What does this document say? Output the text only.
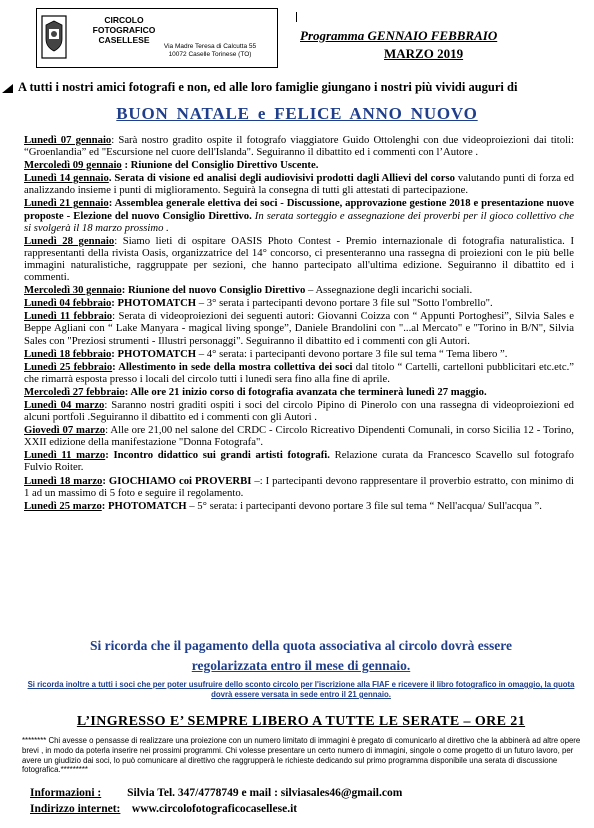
CIRCOLO
FOTOGRAFICO
CASELLESE
Via Madre Teresa di Calcutta 55
10072 Caselle Torinese (TO)
Programma GENNAIO FEBBRAIO
MARZO 2019
A tutti i nostri amici fotografi e non, ed alle loro famiglie giungano i nostri più vividi auguri di
BUON NATALE e FELICE ANNO NUOVO
Lunedì 07 gennaio: Sarà nostro gradito ospite il fotografo viaggiatore Guido Ottolenghi con due videoproiezioni dai titoli: “Groenlandia” ed "Escursione nel cuore dell'Islanda". Seguiranno il dibattito ed i commenti con l’Autore .
Mercoledì 09 gennaio : Riunione del Consiglio Direttivo Uscente.
Lunedì 14 gennaio. Serata di visione ed analisi degli audiovisivi prodotti dagli Allievi del corso valutando punti di forza ed analizzando insieme i punti di miglioramento. Seguirà la consegna di tutti gli attestati di partecipazione.
Lunedì 21 gennaio: Assemblea generale elettiva dei soci - Discussione, approvazione gestione 2018 e presentazione nuove proposte - Elezione del nuovo Consiglio Direttivo. In serata sorteggio e assegnazione dei proverbi per il gioco collettivo che si svolgerà il 18 marzo prossimo .
Lunedì 28 gennaio: Siamo lieti di ospitare OASIS Photo Contest - Premio internazionale di fotografia naturalistica. I rappresentanti della rivista Oasis, organizzatrice del 14° concorso, ci presenteranno una rassegna di proiezioni con le più belle immagini naturalistiche, raggruppate per sezioni, che hanno partecipato all'ultima edizione. Seguiranno il dibattito ed i commenti.
Mercoledì 30 gennaio: Riunione del nuovo Consiglio Direttivo – Assegnazione degli incarichi sociali.
Lunedì 04 febbraio: PHOTOMATCH – 3° serata i partecipanti devono portare 3 file sul "Sotto l'ombrello".
Lunedì 11 febbraio: Serata di videoproiezioni dei seguenti autori: Giovanni Coizza con “ Appunti Portoghesi”, Silvia Sales e Beppe Agliani con “ Lake Manyara - magical living sponge”, Daniele Brandolini con "...al Mercato" e "Torino in B/N", Silvia Sales con "Preziosi strumenti - Illustri personaggi". Seguiranno il dibattito ed i commenti con gli Autori.
Lunedì 18 febbraio: PHOTOMATCH – 4° serata: i partecipanti devono portare 3 file sul tema “ Tema libero ”.
Lunedì 25 febbraio: Allestimento in sede della mostra collettiva dei soci dal titolo “ Cartelli, cartelloni pubblicitari etc.etc.” che rimarrà esposta presso i locali del circolo tutti i lunedì sera fino alla fine di aprile.
Mercoledì 27 febbraio: Alle ore 21 inizio corso di fotografia avanzata che terminerà lunedì 27 maggio.
Lunedì 04 marzo: Saranno nostri graditi ospiti i soci del circolo Pipino di Pinerolo con una rassegna di videoproiezioni ed alcuni portfoli .Seguiranno il dibattito ed i commenti con gli Autori .
Giovedì 07 marzo: Alle ore 21,00 nel salone del CRDC - Circolo Ricreativo Dipendenti Comunali, in corso Sicilia 12 - Torino, XXII edizione della manifestazione "Donna Fotografa".
Lunedì 11 marzo: Incontro didattico sui grandi artisti fotografi. Relazione curata da Francesco Scavello sul fotografo Fulvio Roiter.
Lunedì 18 marzo: GIOCHIAMO coi PROVERBI –: I partecipanti devono rappresentare il proverbio estratto, con minimo di 1 ad un massimo di 5 foto e seguire il regolamento.
Lunedì 25 marzo: PHOTOMATCH – 5° serata: i partecipanti devono portare 3 file sul tema “ Nell'acqua/ Sull'acqua ”.
Si ricorda che il pagamento della quota associativa al circolo dovrà essere
regolarizzata entro il mese di gennaio.
Si ricorda inoltre a tutti i soci che per poter usufruire dello sconto circolo per l'iscrizione alla FIAF e ricevere il libro fotografico in omaggio, la quota dovrà essere versata in sede entro il 21 gennaio.
L’INGRESSO E’ SEMPRE LIBERO A TUTTE LE SERATE – ORE 21
******** Chi avesse o pensasse di realizzare una proiezione con un numero limitato di immagini è pregato di comunicarlo al direttivo che la abbinerà ad altre opere brevi , in modo da poterla inserire nei prossimi programmi. Chi volesse presentare un certo numero di immagini, singole o come progetto di un futuro lavoro, per avere un giudizio dai soci, lo può comunicare al direttivo che raggrupperà le richieste dedicando sul primo programma disponibile una serata di discussione fotografica.*********
Informazioni : Silvia Tel. 347/4778749 e mail : silviasales46@gmail.com
Indirizzo internet: www.circolofotograficocasellese.it
